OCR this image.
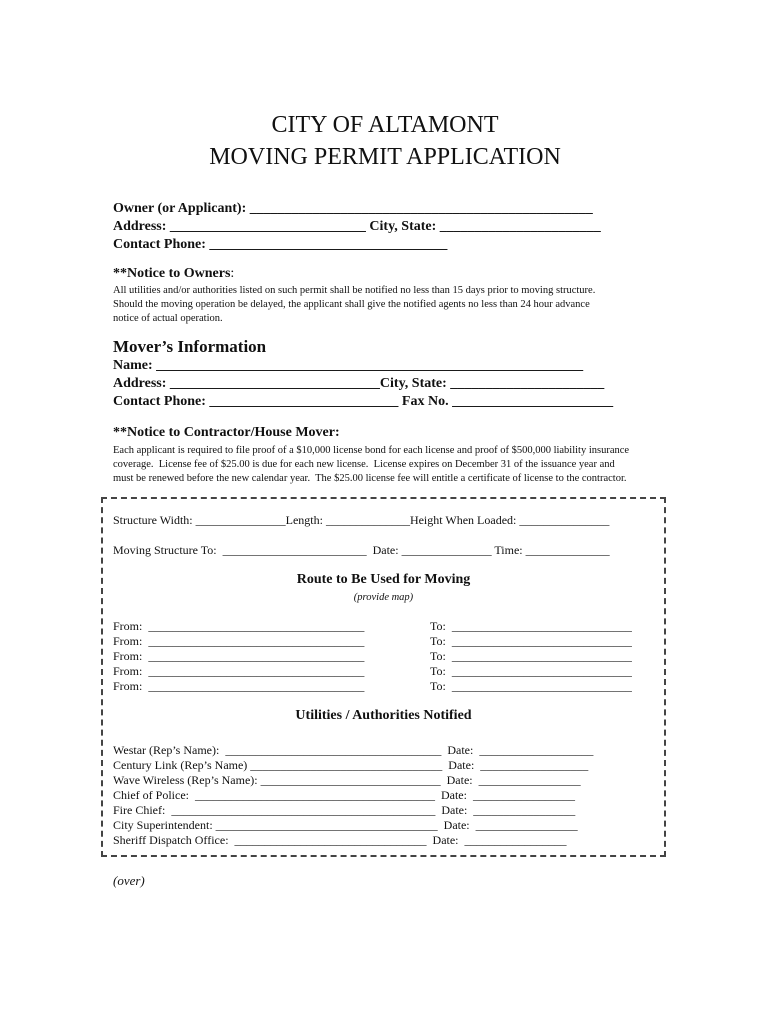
CITY OF ALTAMONT
MOVING PERMIT APPLICATION
Owner (or Applicant): _________________________________________________
Address: ____________________________ City, State: _______________________
Contact Phone: __________________________________
**Notice to Owners:
All utilities and/or authorities listed on such permit shall be notified no less than 15 days prior to moving structure.
Should the moving operation be delayed, the applicant shall give the notified agents no less than 24 hour advance
notice of actual operation.
Mover’s Information
Name: _____________________________________________________________
Address: ______________________________City, State: ______________________
Contact Phone: ___________________________ Fax No. _______________________
**Notice to Contractor/House Mover:
Each applicant is required to file proof of a $10,000 license bond for each license and proof of $500,000 liability insurance
coverage.  License fee of $25.00 is due for each new license.  License expires on December 31 of the issuance year and
must be renewed before the new calendar year.  The $25.00 license fee will entitle a certificate of license to the contractor.
Structure Width: _______________Length: ______________Height When Loaded: _______________
Moving Structure To:  ________________________  Date: _______________ Time: ______________
Route to Be Used for Moving
(provide map)
From:  ____________________________________
From:  ____________________________________
From:  ____________________________________
From:  ____________________________________
From:  ____________________________________
To:  ______________________________
To:  ______________________________
To:  ______________________________
To:  ______________________________
To:  ______________________________
Utilities / Authorities Notified
Westar (Rep’s Name):  ____________________________________  Date:  ___________________
Century Link (Rep’s Name) ________________________________  Date:  __________________
Wave Wireless (Rep’s Name): ______________________________  Date:  _________________
Chief of Police:  ________________________________________  Date:  _________________
Fire Chief:  ____________________________________________  Date:  _________________
City Superintendent: _____________________________________  Date:  _________________
Sheriff Dispatch Office:  ________________________________  Date:  _________________
(over)
